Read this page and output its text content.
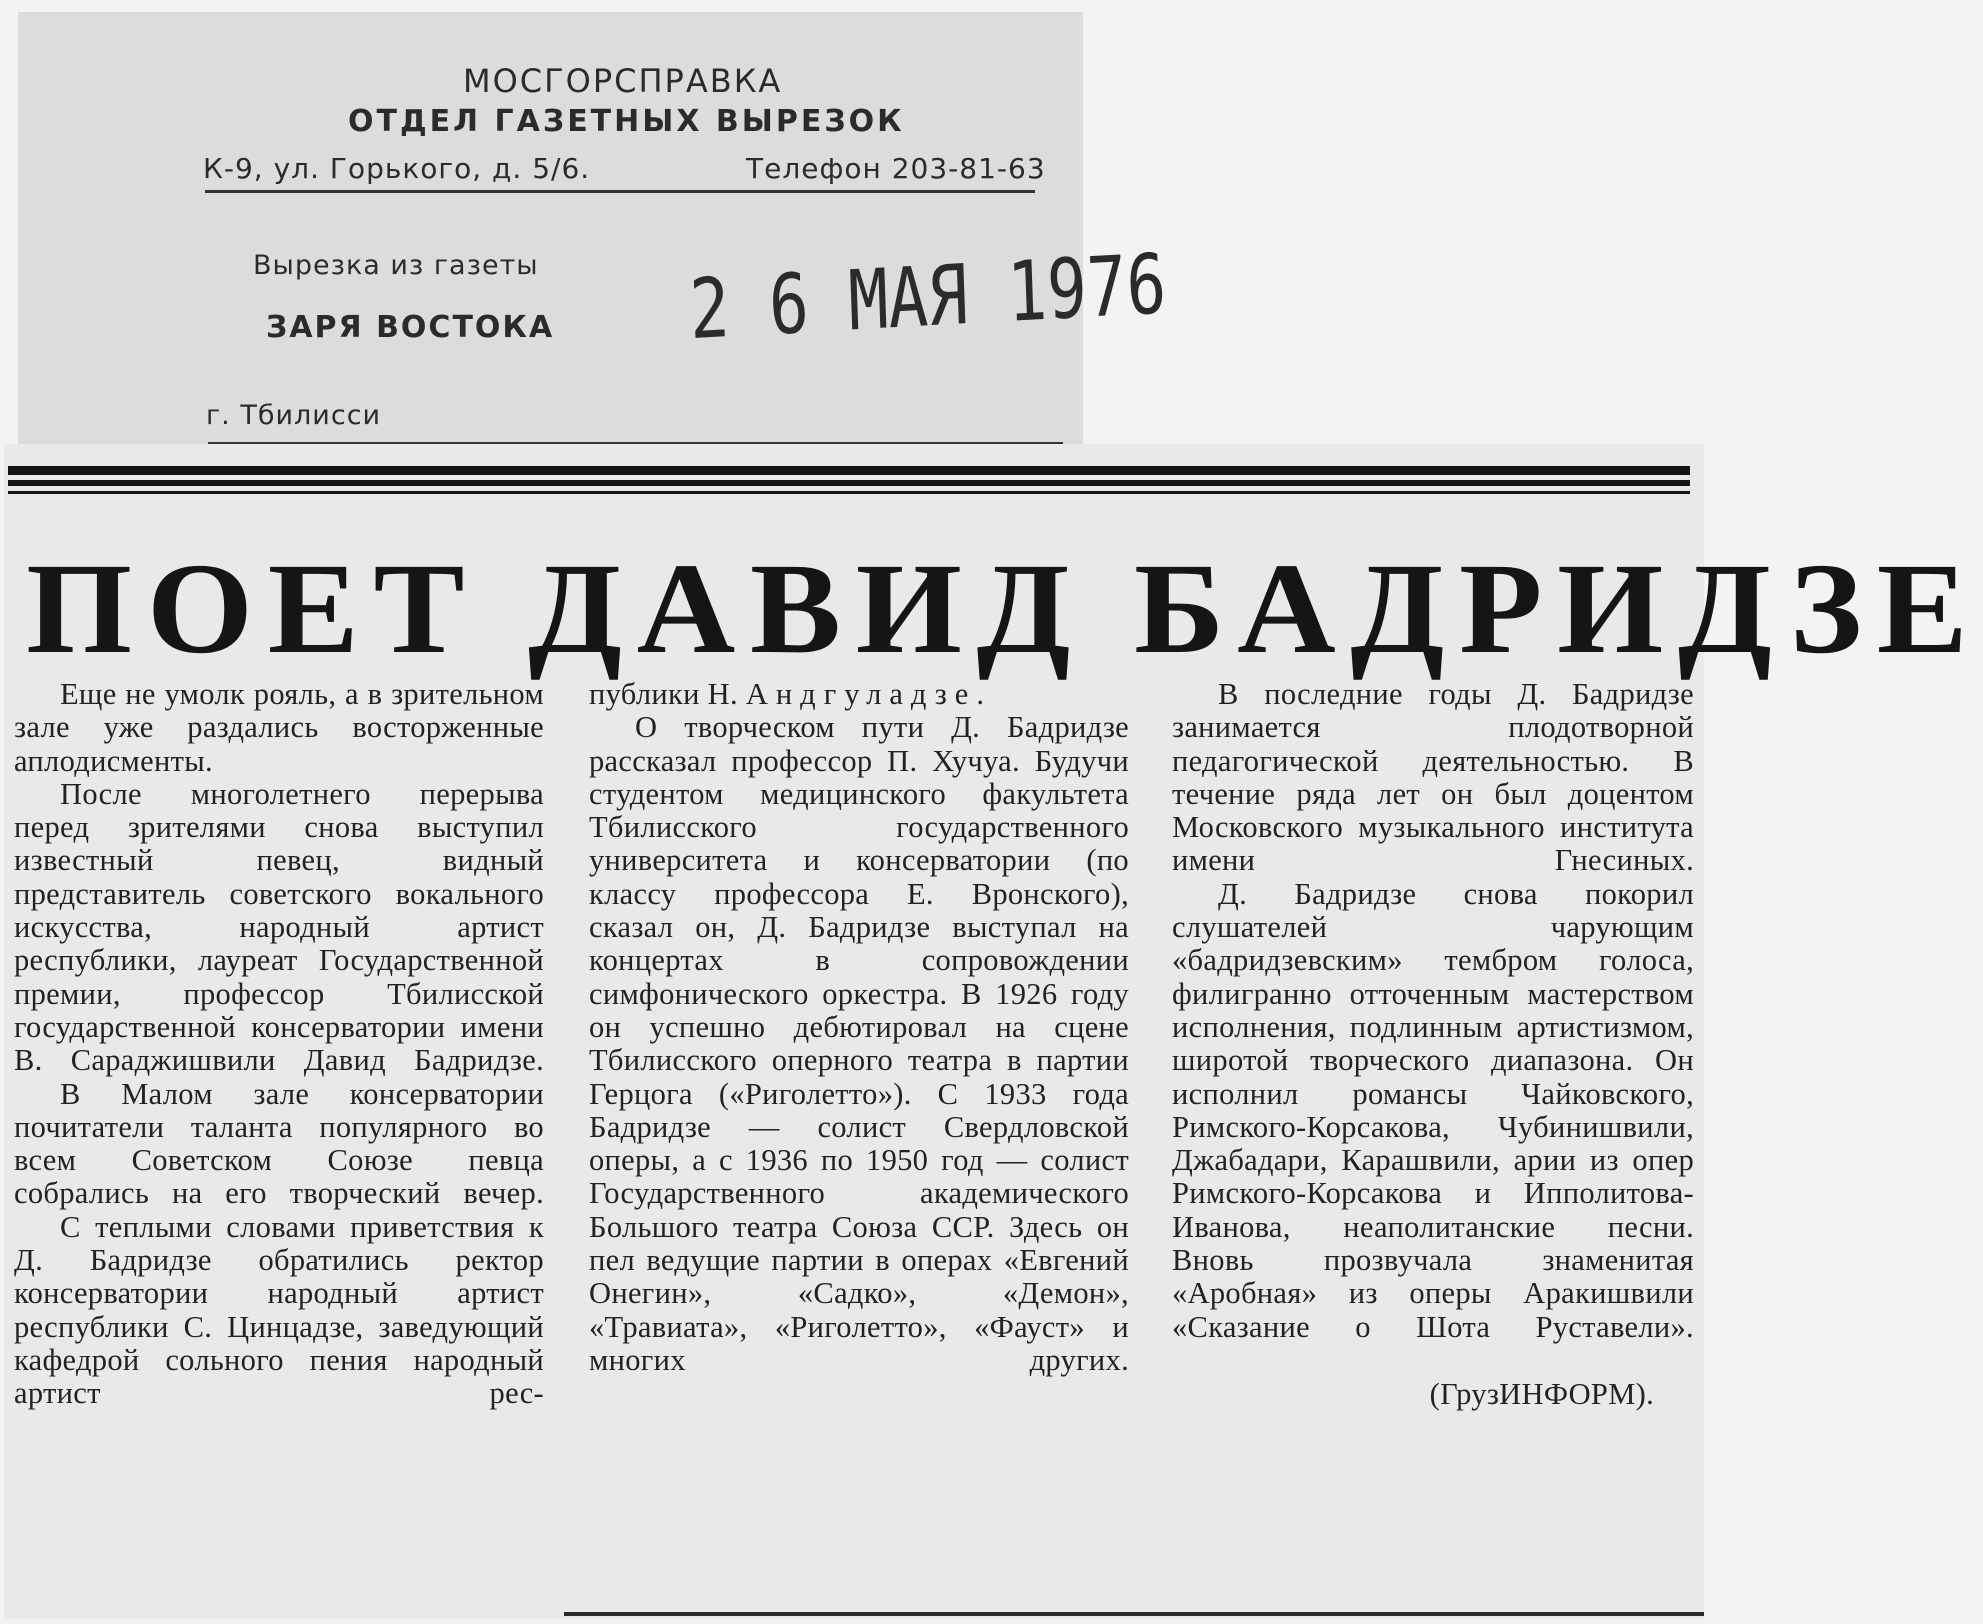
МОСГОРСПРАВКА
ОТДЕЛ ГАЗЕТНЫХ ВЫРЕЗОК
К-9, ул. Горького, д. 5/6.	Телефон 203-81-63
Вырезка из газеты
ЗАРЯ ВОСТОКА 2 6 МАЯ 1976
г. Тбилисси
ПОЕТ ДАВИД БАДРИДЗЕ

Еще не умолк рояль, а в зрительном зале уже раздались восторженные аплодисменты.

После многолетнего перерыва перед зрителями снова выступил известный певец, видный представитель советского вокального искусства, народный артист республики, лауреат Государственной премии, профессор Тбилисской государственной консерватории имени В. Сараджишвили Давид Бадридзе.

В Малом зале консерватории почитатели таланта популярного во всем Советском Союзе певца собрались на его творческий вечер.

С теплыми словами приветствия к Д. Бадридзе обратились ректор консерватории народный артист республики С. Цинцадзе, заведующий кафедрой сольного пения народный артист рес-

публики Н. Андгуладзе.

О творческом пути Д. Бадридзе рассказал профессор П. Хучуа. Будучи студентом медицинского факультета Тбилисского государственного университета и консерватории (по классу профессора Е. Вронского), сказал он, Д. Бадридзе выступал на концертах в сопровождении симфонического оркестра. В 1926 году он успешно дебютировал на сцене Тбилисского оперного театра в партии Герцога («Риголетто»). С 1933 года Бадридзе — солист Свердловской оперы, а с 1936 по 1950 год — солист Государственного академического Большого театра Союза ССР. Здесь он пел ведущие партии в операх «Евгений Онегин», «Садко», «Демон», «Травиата», «Риголетто», «Фауст» и многих других.

В последние годы Д. Бадридзе занимается плодотворной педагогической деятельностью. В течение ряда лет он был доцентом Московского музыкального института имени Гнесиных.

Д. Бадридзе снова покорил слушателей чарующим «бадридзевским» тембром голоса, филигранно отточенным мастерством исполнения, подлинным артистизмом, широтой творческого диапазона. Он исполнил романсы Чайковского, Римского-Корсакова, Чубинишвили, Джабадари, Карашвили, арии из опер Римского-Корсакова и Ипполитова-Иванова, неаполитанские песни. Вновь прозвучала знаменитая «Аробная» из оперы Аракишвили «Сказание о Шота Руставели».

(ГрузИНФОРМ).
